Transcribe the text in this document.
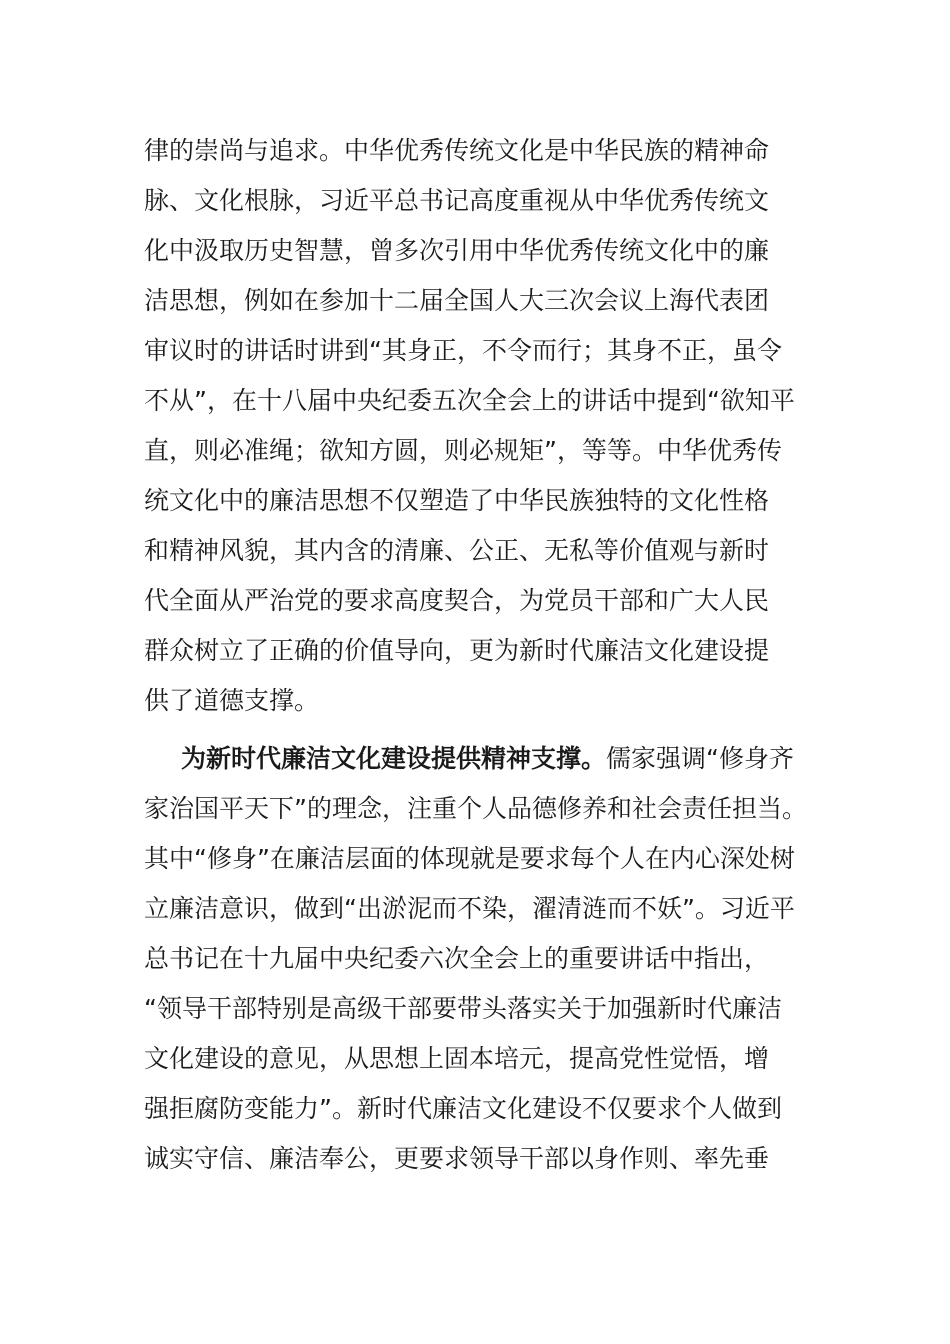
律的崇尚与追求。中华优秀传统文化是中华民族的精神命
脉、文化根脉，习近平总书记高度重视从中华优秀传统文
化中汲取历史智慧，曾多次引用中华优秀传统文化中的廉
洁思想，例如在参加十二届全国人大三次会议上海代表团
审议时的讲话时讲到“其身正，不令而行；其身不正，虽令
不从”，在十八届中央纪委五次全会上的讲话中提到“欲知平
直，则必准绳；欲知方圆，则必规矩”，等等。中华优秀传
统文化中的廉洁思想不仅塑造了中华民族独特的文化性格
和精神风貌，其内含的清廉、公正、无私等价值观与新时
代全面从严治党的要求高度契合，为党员干部和广大人民
群众树立了正确的价值导向，更为新时代廉洁文化建设提
供了道德支撑。
为新时代廉洁文化建设提供精神支撑。儒家强调“修身齐
家治国平天下”的理念，注重个人品德修养和社会责任担当。
其中“修身”在廉洁层面的体现就是要求每个人在内心深处树
立廉洁意识，做到“出淤泥而不染，濯清涟而不妖”。习近平
总书记在十九届中央纪委六次全会上的重要讲话中指出，
“领导干部特别是高级干部要带头落实关于加强新时代廉洁
文化建设的意见，从思想上固本培元，提高党性觉悟，增
强拒腐防变能力”。新时代廉洁文化建设不仅要求个人做到
诚实守信、廉洁奉公，更要求领导干部以身作则、率先垂
